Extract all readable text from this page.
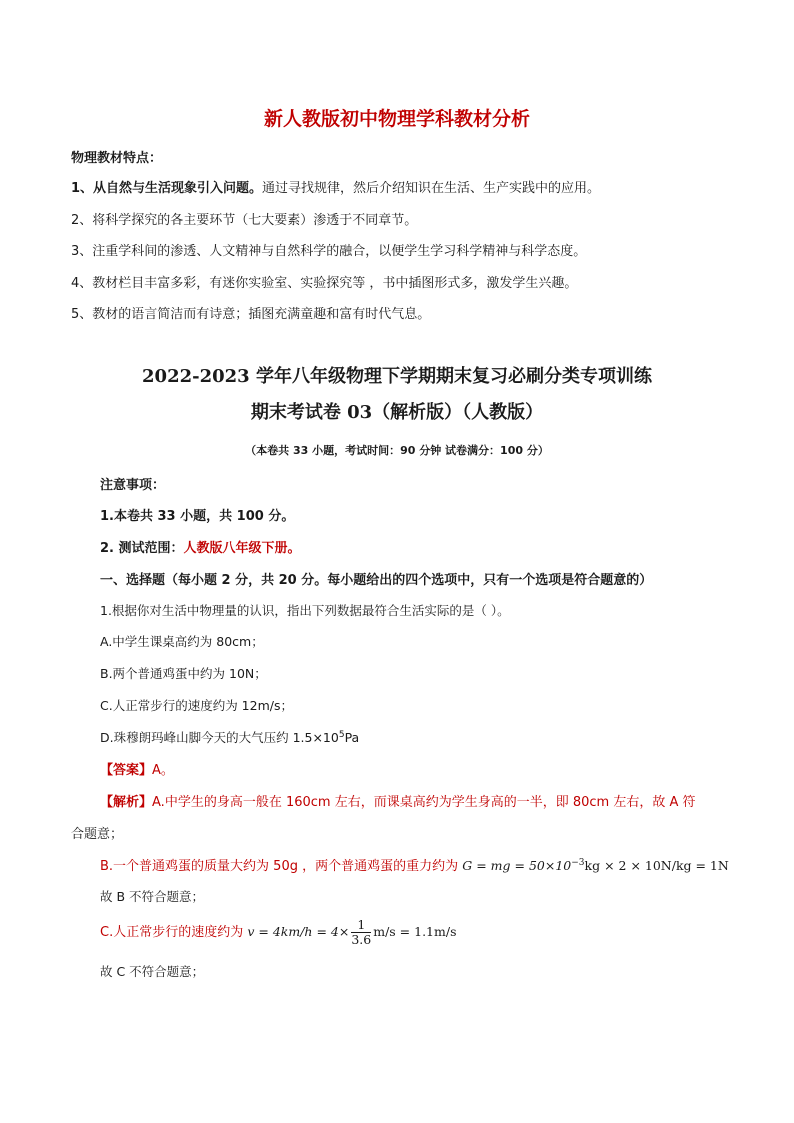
新人教版初中物理学科教材分析
物理教材特点：
1、从自然与生活现象引入问题。通过寻找规律，然后介绍知识在生活、生产实践中的应用。
2、将科学探究的各主要环节（七大要素）渗透于不同章节。
3、注重学科间的渗透、人文精神与自然科学的融合，以便学生学习科学精神与科学态度。
4、教材栏目丰富多彩，有迷你实验室、实验探究等 ，书中插图形式多，激发学生兴趣。
5、教材的语言简洁而有诗意；插图充满童趣和富有时代气息。
2022-2023 学年八年级物理下学期期末复习必刷分类专项训练
期末考试卷 03（解析版）（人教版）
（本卷共 33 小题，考试时间：90 分钟 试卷满分：100 分）
注意事项：
1.本卷共 33 小题，共 100 分。
2. 测试范围：人教版八年级下册。
一、选择题（每小题 2 分，共 20 分。每小题给出的四个选项中，只有一个选项是符合题意的）
1.根据你对生活中物理量的认识，指出下列数据最符合生活实际的是（ ）。
A.中学生课桌高约为 80cm；
B.两个普通鸡蛋中约为 10N；
C.人正常步行的速度约为 12m/s；
D.珠穆朗玛峰山脚今天的大气压约 $1.5\times 10^5Pa$
【答案】A。
【解析】A.中学生的身高一般在 160cm 左右，而课桌高约为学生身高的一半，即 80cm 左右，故 A 符
合题意；
B.一个普通鸡蛋的质量大约为 50g ，两个普通鸡蛋的重力约为 G = mg = $50\times 10^{-3}kg \times 2 \times 10N/kg = 1N$
故 B 不符合题意；
C.人正常步行的速度约为 $v = 4km/h = 4\times \frac{1}{3.6} m/s = 1.1m/s$
故 C 不符合题意；
